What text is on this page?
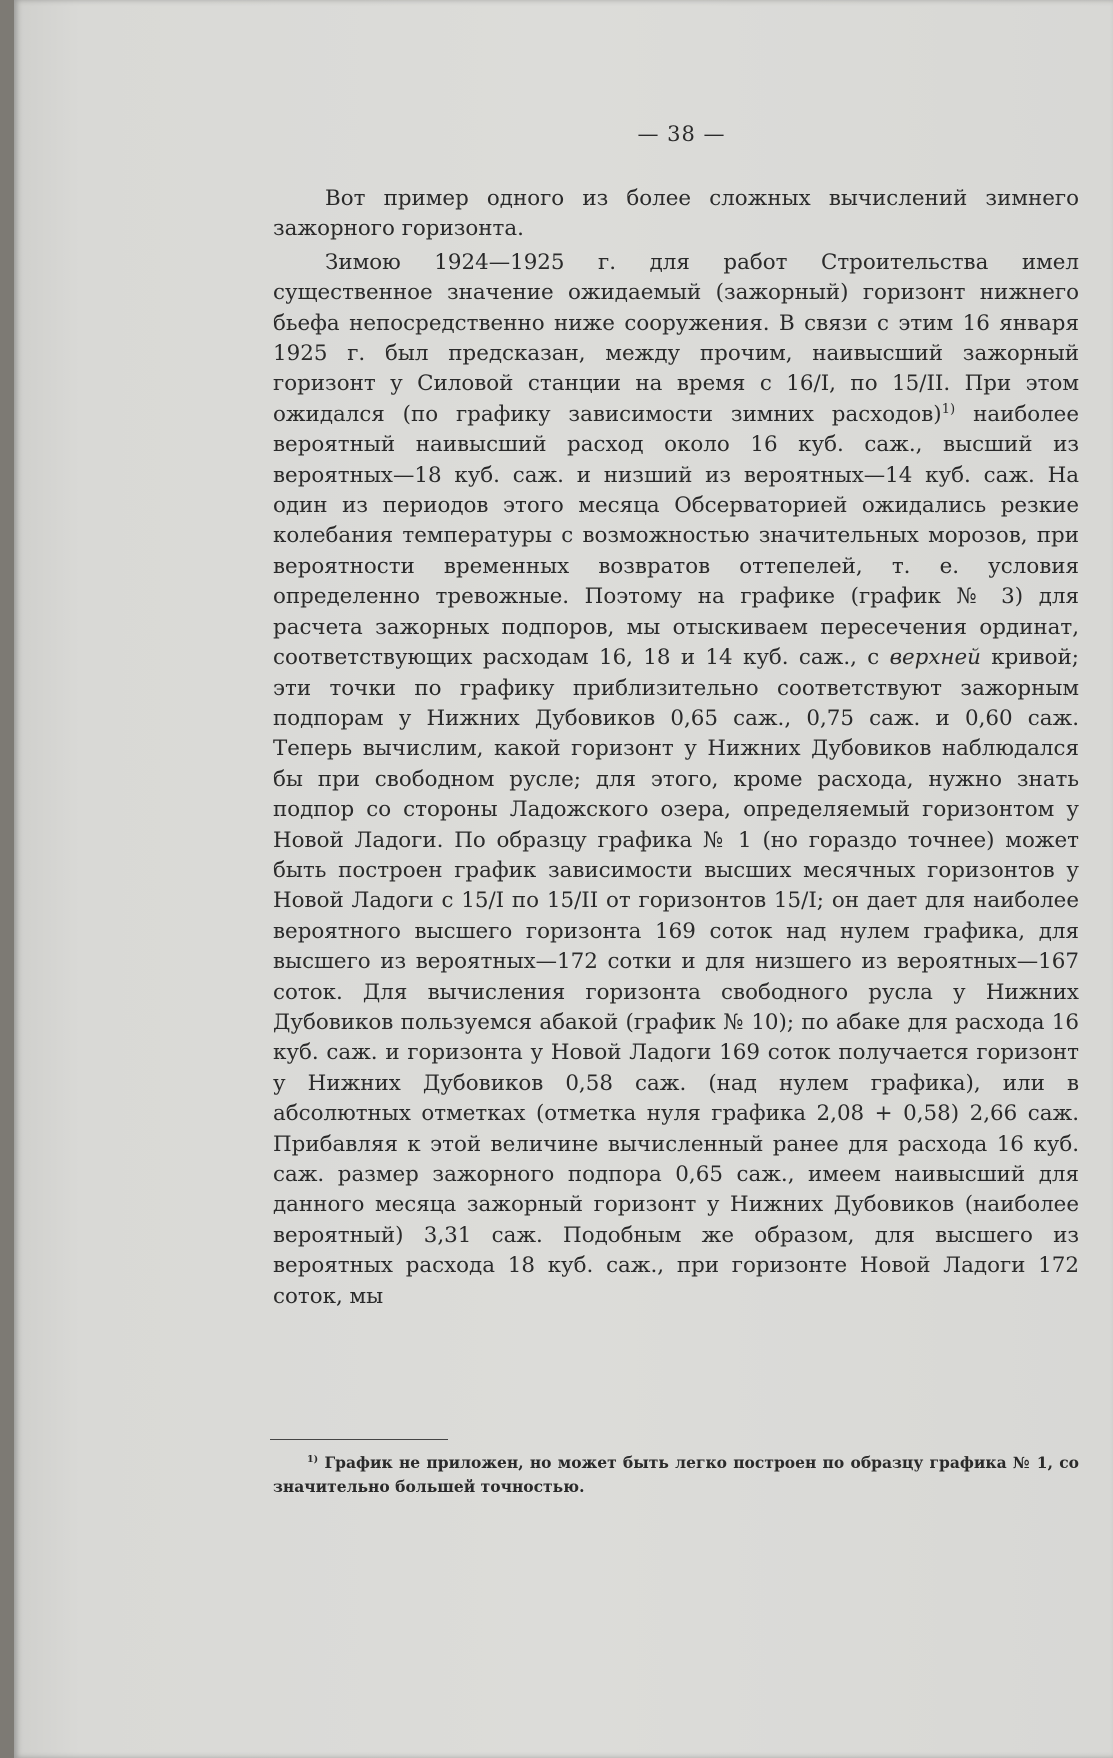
— 38 —

Вот пример одного из более сложных вычислений зимнего зажорного горизонта.

Зимою 1924—1925 г. для работ Строительства имел существенное значение ожидаемый (зажорный) горизонт нижнего бьефа непосредственно ниже сооружения. В связи с этим 16 января 1925 г. был предсказан, между прочим, наивысший зажорный горизонт у Силовой станции на время с 16/I, по 15/II. При этом ожидался (по графику зависимости зимних расходов)$^{1)}$ наиболее вероятный наивысший расход около 16 куб. саж., высший из вероятных—18 куб. саж. и низший из вероятных—14 куб. саж. На один из периодов этого месяца Обсерваторией ожидались резкие колебания температуры с возможностью значительных морозов, при вероятности временных возвратов оттепелей, т. е. условия определенно тревожные. Поэтому на графике (график № 3) для расчета зажорных подпоров, мы отыскиваем пересечения ординат, соответствующих расходам 16, 18 и 14 куб. саж., с верхней кривой; эти точки по графику приблизительно соответствуют зажорным подпорам у Нижних Дубовиков 0,65 саж., 0,75 саж. и 0,60 саж. Теперь вычислим, какой горизонт у Нижних Дубовиков наблюдался бы при свободном русле; для этого, кроме расхода, нужно знать подпор со стороны Ладожского озера, определяемый горизонтом у Новой Ладоги. По образцу графика № 1 (но гораздо точнее) может быть построен график зависимости высших месячных горизонтов у Новой Ладоги с 15/I по 15/II от горизонтов 15/I; он дает для наиболее вероятного высшего горизонта 169 соток над нулем графика, для высшего из вероятных—172 сотки и для низшего из вероятных—167 соток. Для вычисления горизонта свободного русла у Нижних Дубовиков пользуемся абакой (график № 10); по абаке для расхода 16 куб. саж. и горизонта у Новой Ладоги 169 соток получается горизонт у Нижних Дубовиков 0,58 саж. (над нулем графика), или в абсолютных отметках (отметка нуля графика 2,08 + 0,58) 2,66 саж. Прибавляя к этой величине вычисленный ранее для расхода 16 куб. саж. размер зажорного подпора 0,65 саж., имеем наивысший для данного месяца зажорный горизонт у Нижних Дубовиков (наиболее вероятный) 3,31 саж. Подобным же образом, для высшего из вероятных расхода 18 куб. саж., при горизонте Новой Ладоги 172 соток, мы

$^{1)}$ График не приложен, но может быть легко построен по образцу графика № 1, со значительно большей точностью.
